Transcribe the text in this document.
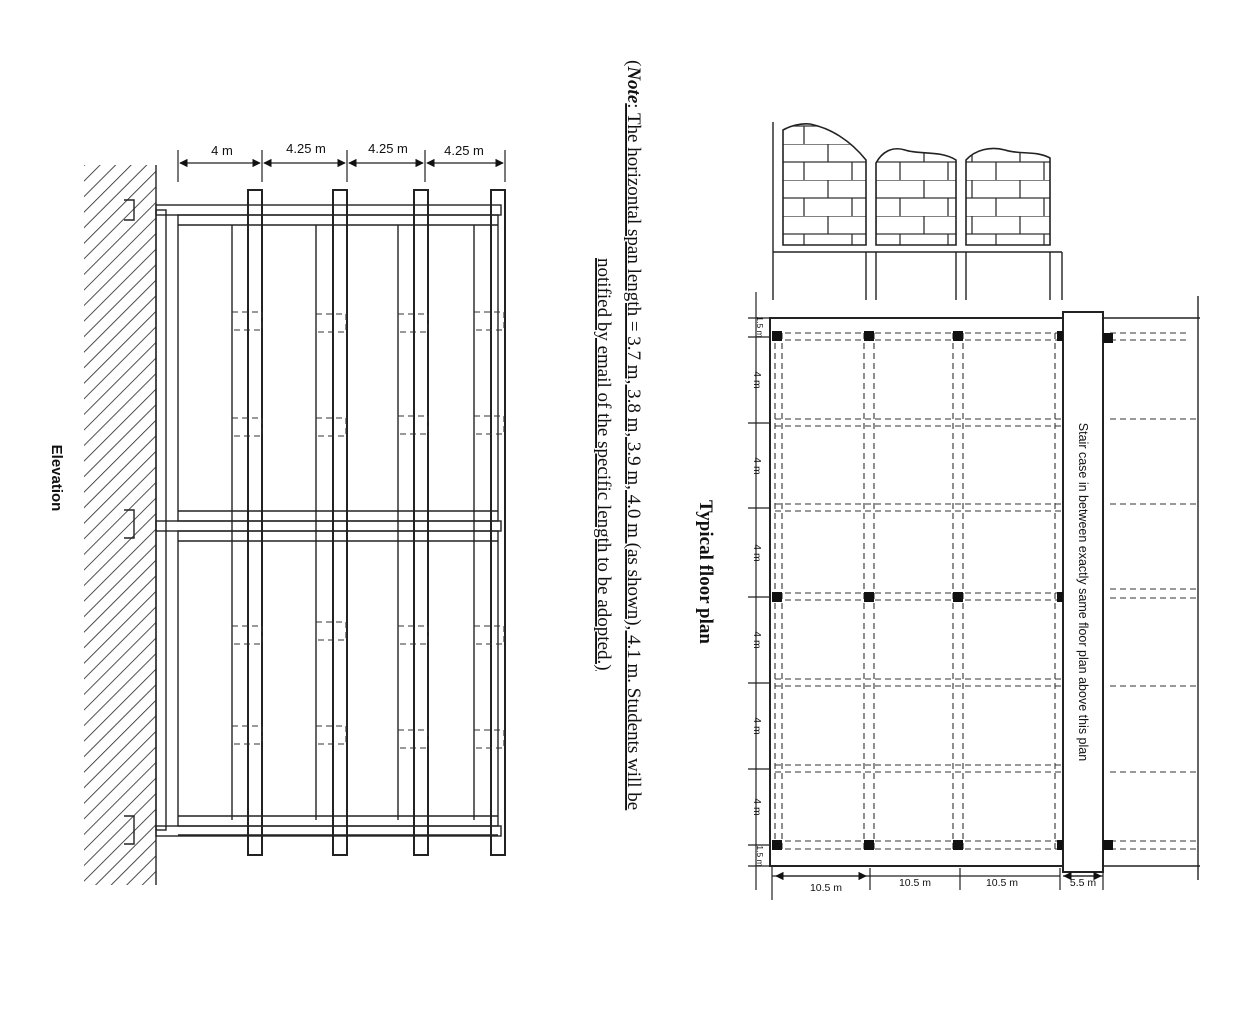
4 m	4.25 m	4.25 m	4.25 m
Elevation
(Note: The horizontal span length = 3.7 m, 3.8 m, 3.9 m, 4.0 m (as shown), 4.1 m. Students will be
notified by email of the specific length to be adopted.)	Typical floor plan	Stair case in between exactly same floor plan above this plan
1.5 m
4 m
4 m
4 m
4 m
4 m
4 m
1.5 m
10.5 m	10.5 m	10.5 m	5.5 m
